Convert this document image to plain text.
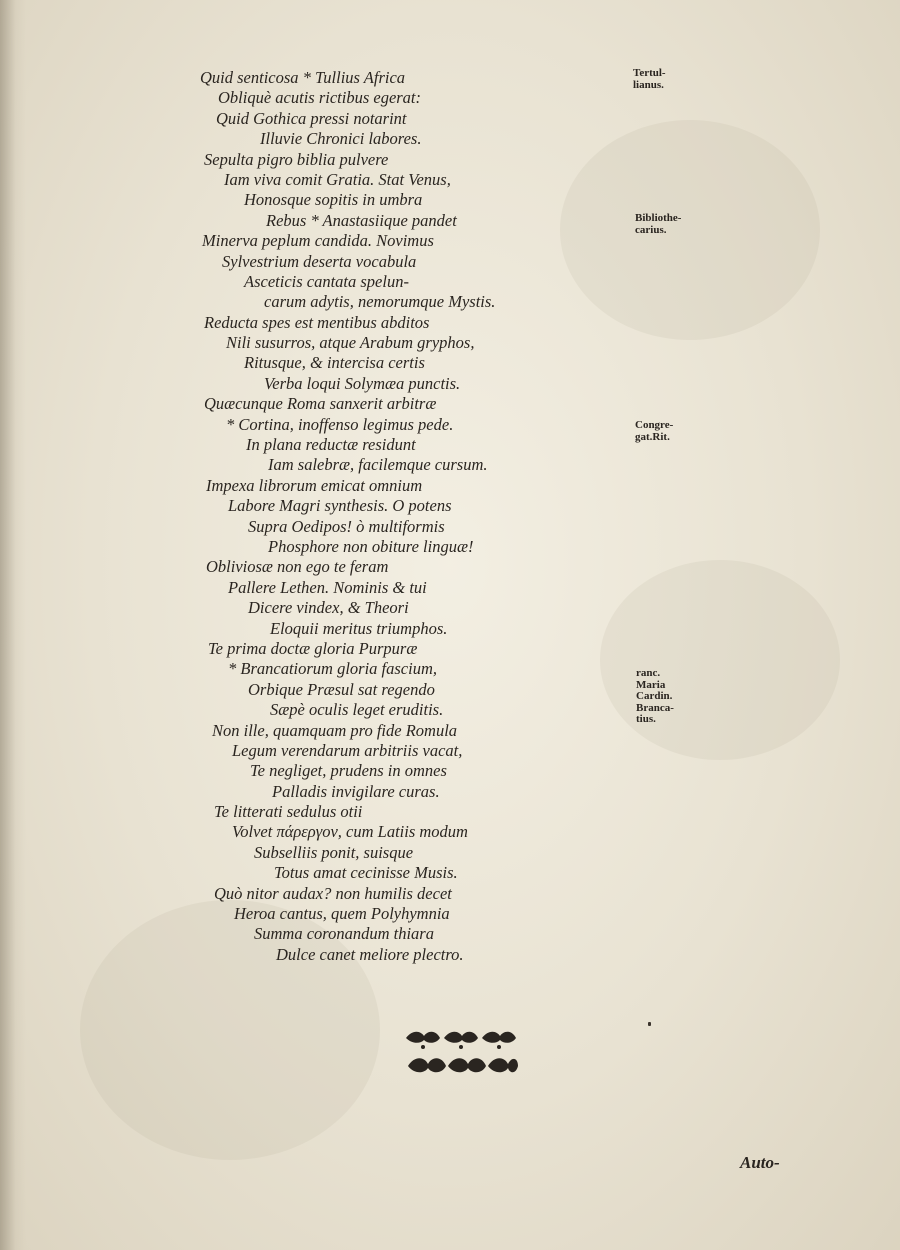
Quid senticosa * Tullius Africa
Obliquè acutis rictibus egerat:
Quid Gothica pressi notarint
Illuvie Chronici labores.
Sepulta pigro biblia pulvere
Iam viva comit Gratia. Stat Venus,
Honosque sopitis in umbra
Rebus * Anastasiique pandet
Minerva peplum candida. Novimus
Sylvestrium deserta vocabula
Asceticis cantata spelun-
carum adytis, nemorumque Mystis.
Reducta spes est mentibus abditos
Nili susurros, atque Arabum gryphos,
Ritusque, & intercisa certis
Verba loqui Solymæa punctis.
Quæcunque Roma sanxerit arbitræ
* Cortina, inoffenso legimus pede.
In plana reductæ residunt
Iam salebræ, facilemque cursum.
Impexa librorum emicat omnium
Labore Magri synthesis. O potens
Supra Oedipos! ò multiformis
Phosphore non obiture linguæ!
Obliviosæ non ego te feram
Pallere Lethen. Nominis & tui
Dicere vindex, & Theori
Eloquii meritus triumphos.
Te prima doctæ gloria Purpuræ
* Brancatiorum gloria fascium,
Orbique Præsul sat regendo
Sæpè oculis leget eruditis.
Non ille, quamquam pro fide Romula
Legum verendarum arbitriis vacat,
Te negliget, prudens in omnes
Palladis invigilare curas.
Te litterati sedulus otii
Volvet πάρεργον, cum Latiis modum
Subselliis ponit, suisque
Totus amat cecinisse Musis.
Quò nitor audax? non humilis decet
Heroa cantus, quem Polyhymnia
Summa coronandum thiara
Dulce canet meliore plectro.
Tertul-
lianus.
Bibliothe-
carius.
Congre-
gat.Rit.
ranc.
Maria
Cardin.
Branca-
tius.
Auto-
